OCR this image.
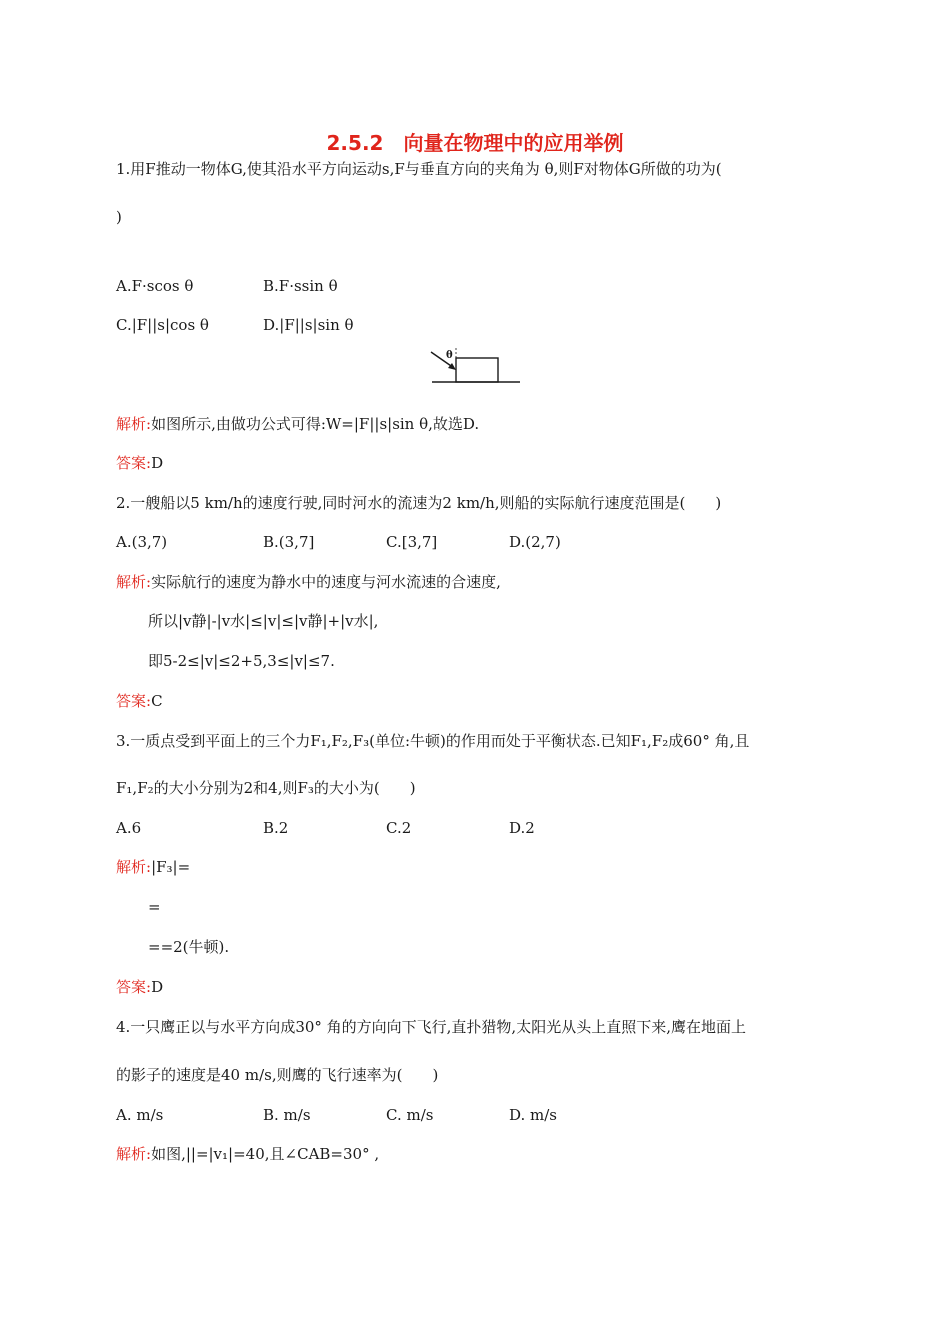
2.5.2　向量在物理中的应用举例
1.用F推动一物体G,使其沿水平方向运动s,F与垂直方向的夹角为 θ,则F对物体G所做的功为(
)
A.F·scos θ	B.F·ssin θ
C.|F||s|cos θ	D.|F||s|sin θ
θ
解析:如图所示,由做功公式可得:W=|F||s|sin θ,故选D.
答案:D
2.一艘船以5 km/h的速度行驶,同时河水的流速为2 km/h,则船的实际航行速度范围是(　　)
A.(3,7)	B.(3,7]	C.[3,7]	D.(2,7)
解析:实际航行的速度为静水中的速度与河水流速的合速度,
所以|v静|-|v水|≤|v|≤|v静|+|v水|,
即5-2≤|v|≤2+5,3≤|v|≤7.
答案:C
3.一质点受到平面上的三个力F₁,F₂,F₃(单位:牛顿)的作用而处于平衡状态.已知F₁,F₂成60° 角,且
F₁,F₂的大小分别为2和4,则F₃的大小为(　　)
A.6	B.2	C.2	D.2
解析:|F₃|=
=
==2(牛顿).
答案:D
4.一只鹰正以与水平方向成30° 角的方向向下飞行,直扑猎物,太阳光从头上直照下来,鹰在地面上
的影子的速度是40 m/s,则鹰的飞行速率为(　　)
A. m/s	B. m/s	C. m/s	D. m/s
解析:如图,||=|v₁|=40,且∠CAB=30° ,
